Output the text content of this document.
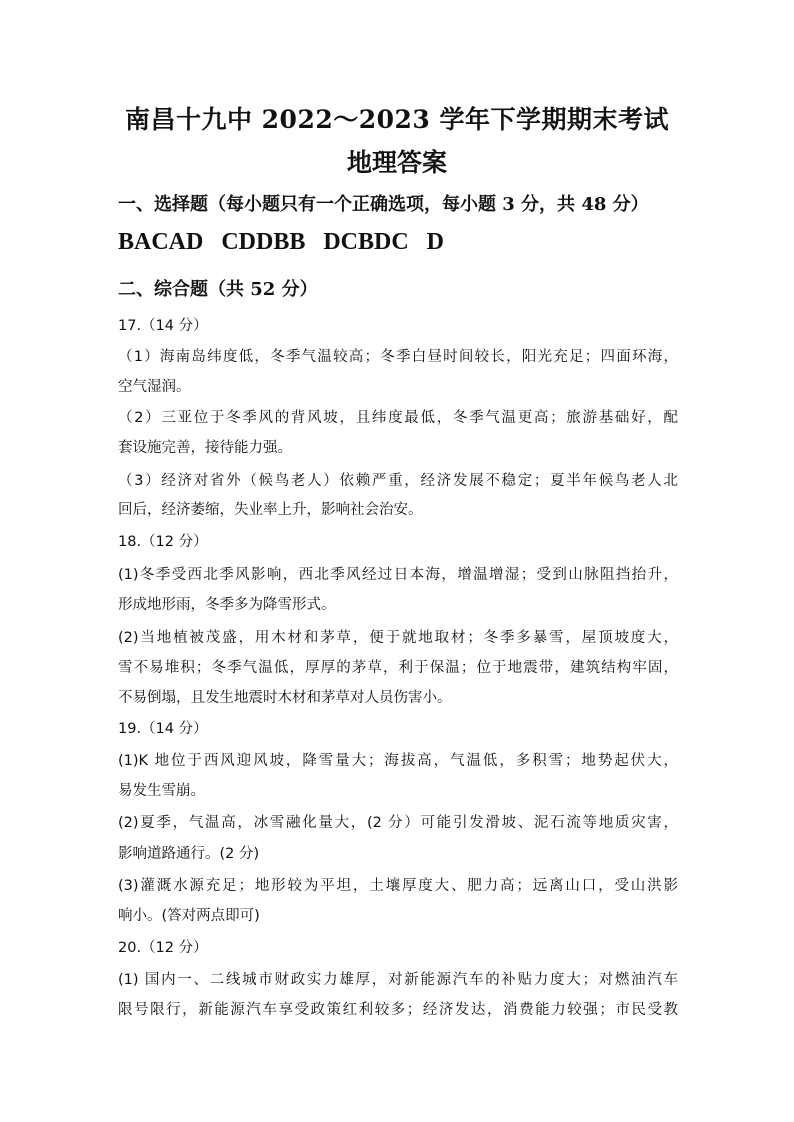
南昌十九中 2022～2023 学年下学期期末考试
地理答案
一、选择题（每小题只有一个正确选项，每小题 3 分，共 48 分）
BACAD   CDDBB   DCBDC   D
二、综合题（共 52 分）
17.（14 分）
（1）海南岛纬度低，冬季气温较高；冬季白昼时间较长，阳光充足；四面环海，
空气湿润。
（2）三亚位于冬季风的背风坡，且纬度最低，冬季气温更高；旅游基础好，配
套设施完善，接待能力强。
（3）经济对省外（候鸟老人）依赖严重，经济发展不稳定；夏半年候鸟老人北
回后，经济萎缩，失业率上升，影响社会治安。
18.（12 分）
(1)冬季受西北季风影响，西北季风经过日本海，增温增湿；受到山脉阻挡抬升，
形成地形雨，冬季多为降雪形式。
(2)当地植被茂盛，用木材和茅草，便于就地取材；冬季多暴雪，屋顶坡度大，
雪不易堆积；冬季气温低，厚厚的茅草，利于保温；位于地震带，建筑结构牢固，
不易倒塌，且发生地震时木材和茅草对人员伤害小。
19.（14 分）
(1)K 地位于西风迎风坡，降雪量大；海拔高，气温低，多积雪；地势起伏大，
易发生雪崩。
(2)夏季，气温高，冰雪融化量大，(2 分）可能引发滑坡、泥石流等地质灾害，
影响道路通行。(2 分)
(3)灌溉水源充足；地形较为平坦，土壤厚度大、肥力高；远离山口，受山洪影
响小。(答对两点即可)
20.（12 分）
(1) 国内一、二线城市财政实力雄厚，对新能源汽车的补贴力度大；对燃油汽车
限号限行，新能源汽车享受政策红利较多；经济发达，消费能力较强；市民受教
